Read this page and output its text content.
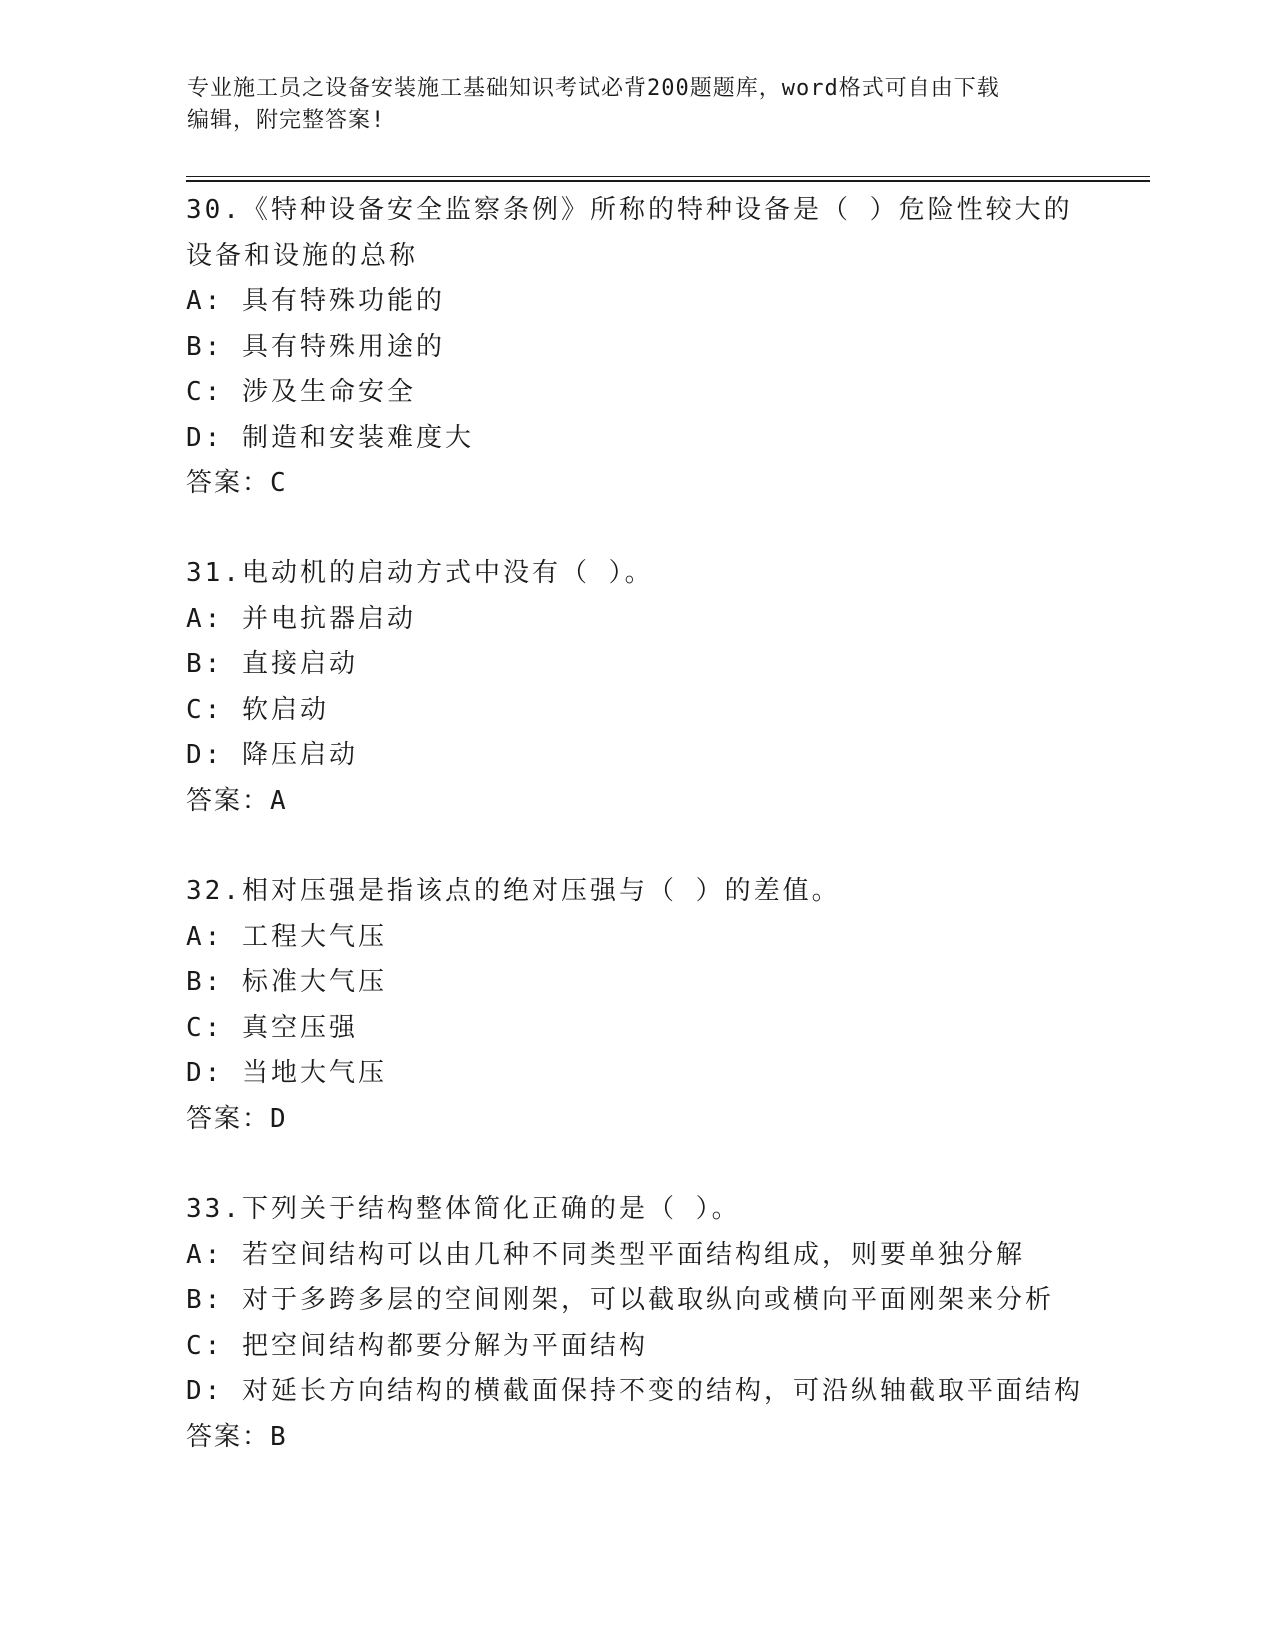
专业施工员之设备安装施工基础知识考试必背200题题库，word格式可自由下载
编辑，附完整答案!
30.《特种设备安全监察条例》所称的特种设备是（ ）危险性较大的
设备和设施的总称
A: 具有特殊功能的
B: 具有特殊用途的
C: 涉及生命安全
D: 制造和安装难度大
答案：C
31.电动机的启动方式中没有（ ）。
A: 并电抗器启动
B: 直接启动
C: 软启动
D: 降压启动
答案：A
32.相对压强是指该点的绝对压强与（ ）的差值。
A: 工程大气压
B: 标准大气压
C: 真空压强
D: 当地大气压
答案：D
33.下列关于结构整体简化正确的是（ ）。
A: 若空间结构可以由几种不同类型平面结构组成，则要单独分解
B: 对于多跨多层的空间刚架，可以截取纵向或横向平面刚架来分析
C: 把空间结构都要分解为平面结构
D: 对延长方向结构的横截面保持不变的结构，可沿纵轴截取平面结构
答案：B
